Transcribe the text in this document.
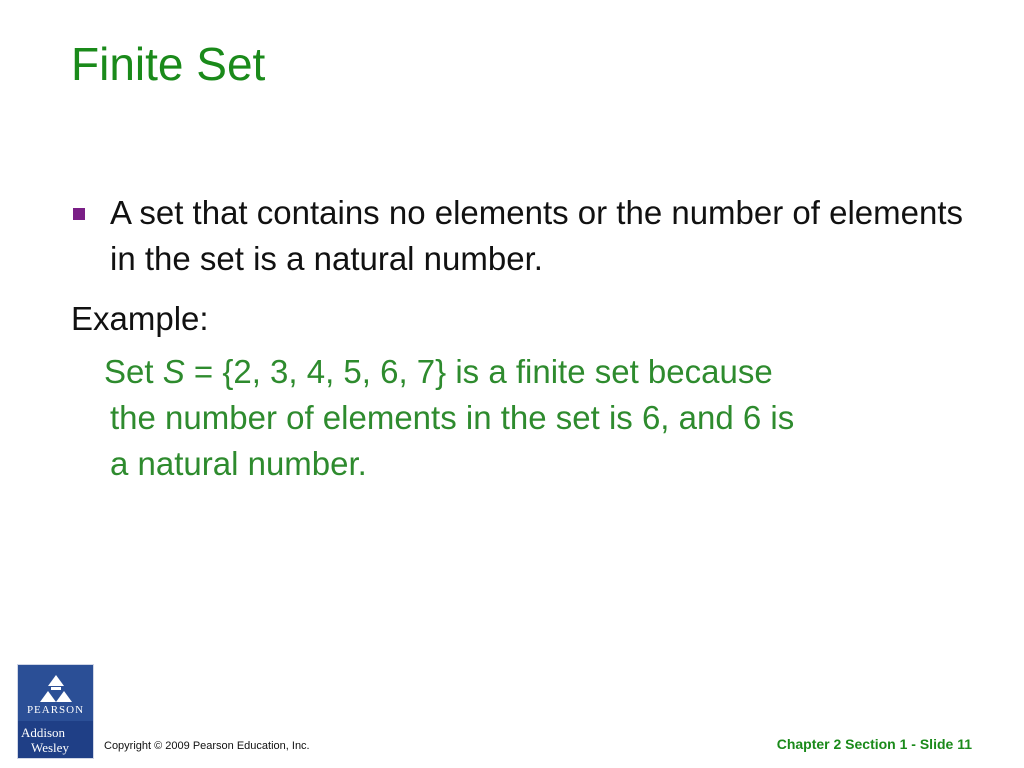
Finite Set
A set that contains no elements or the number of elements in the set is a natural number.
Example:
Set S = {2, 3, 4, 5, 6, 7} is a finite set because
the number of elements in the set is 6, and 6 is
a natural number.
PEARSON
Addison
Wesley	Copyright © 2009 Pearson Education, Inc.	Chapter 2 Section 1 - Slide 11
